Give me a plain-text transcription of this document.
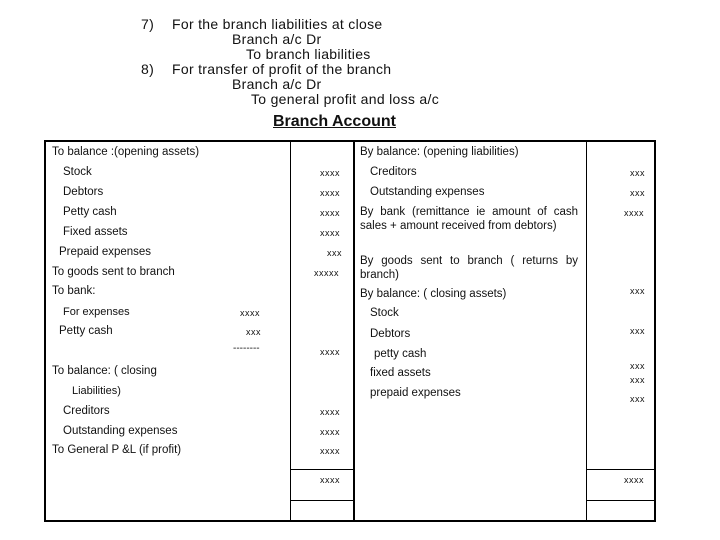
7) For the branch liabilities at close
Branch a/c Dr
To branch liabilities
8) For transfer of profit of the branch
Branch a/c Dr
To general profit and loss a/c
Branch Account
To balance :(opening assets)
Stock
Debtors
Petty cash
Fixed assets
Prepaid expenses
To goods sent to branch
To bank:
For expenses
Petty cash
--------
To balance: ( closing
Liabilities)
Creditors
Outstanding expenses
To General P &L (if profit)
xxxx
xxx
xxxx
xxxx
xxxx
xxxx
xxx
xxxxx
xxxx
xxxx
xxxx
xxxx
xxxx
By balance: (opening liabilities)
Creditors
Outstanding expenses
By bank (remittance ie amount of cash sales + amount received from debtors)
By goods sent to branch ( returns by branch)
By balance: ( closing assets)
Stock
Debtors
petty cash
fixed assets
prepaid expenses
xxx
xxx
xxxx
xxx
xxx
xxx
xxx
xxx
xxxx
